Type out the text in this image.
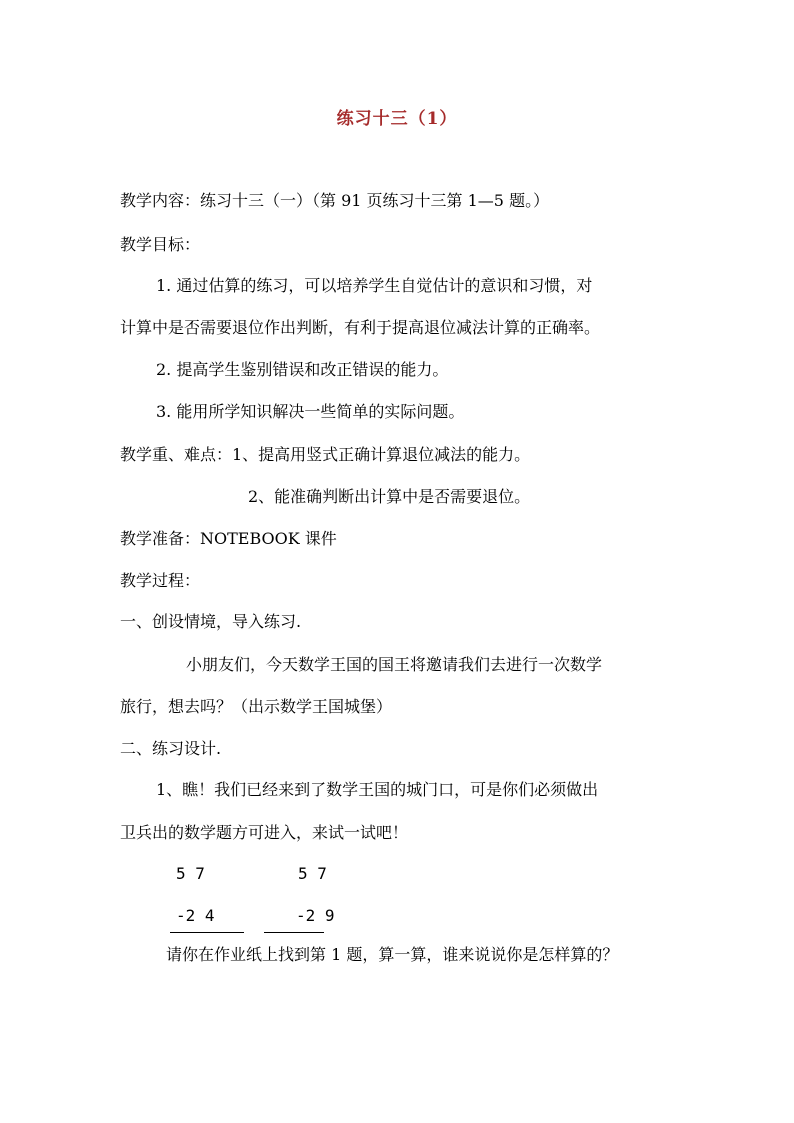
练习十三（1）
教学内容：练习十三（一）（第 91 页练习十三第 1—5 题。）
教学目标：
1. 通过估算的练习，可以培养学生自觉估计的意识和习惯，对
计算中是否需要退位作出判断，有利于提高退位减法计算的正确率。
2. 提高学生鉴别错误和改正错误的能力。
3. 能用所学知识解决一些简单的实际问题。
教学重、难点：1、提高用竖式正确计算退位减法的能力。
2、能准确判断出计算中是否需要退位。
教学准备：NOTEBOOK 课件
教学过程：
一、创设情境，导入练习.
小朋友们，今天数学王国的国王将邀请我们去进行一次数学
旅行，想去吗？（出示数学王国城堡）
二、练习设计.
1、瞧！我们已经来到了数学王国的城门口，可是你们必须做出
卫兵出的数学题方可进入，来试一试吧！
5 7
-2 4
5 7
-2 9
请你在作业纸上找到第 1 题，算一算，谁来说说你是怎样算的？
